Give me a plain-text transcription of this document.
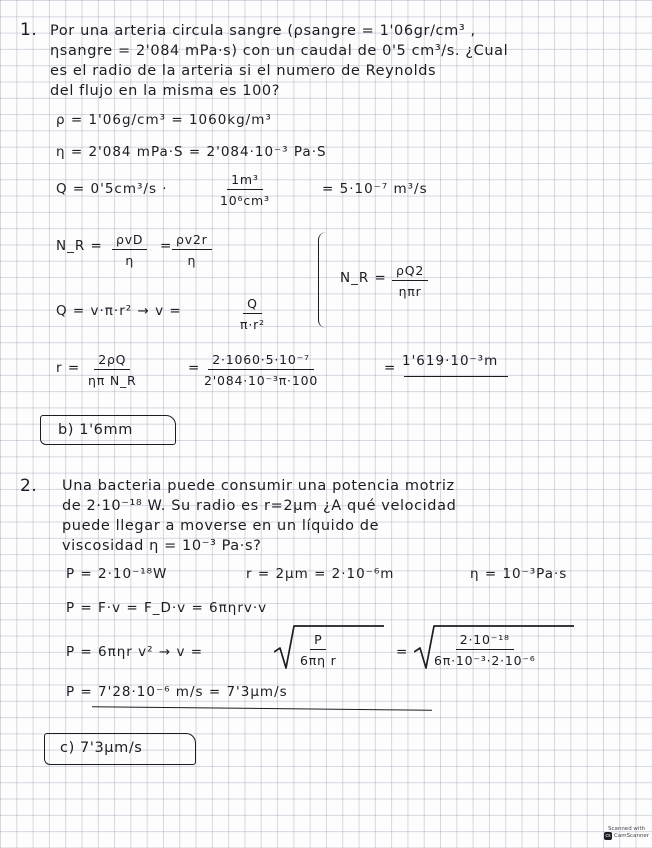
1. Por una arteria circula sangre (ρsangre = 1'06gr/cm³ ,
ηsangre = 2'084 mPa·s) con un caudal de 0'5 cm³/s. ¿Cual
es el radio de la arteria si el numero de Reynolds
del flujo en la misma es 100?
ρ = 1'06g/cm³ = 1060kg/m³
η = 2'084 mPa·S = 2'084·10⁻³ Pa·S
Q = 0'5cm³/s ·	$\frac{\text{1m³}}{\text{10⁶cm³}}$	= 5·10⁻⁷ m³/s
N_R =	ρvD
η
= $\frac{\rho v2r}{\eta}$
Q = v·π·r² → v =	$\frac{Q}{\text{π·r²}}$
N_R = ρQ2
ηπr
$r = \frac{2\rho Q}{\text{ηπ N\_R}}$	= $\frac{\text{2·1060·5·10⁻⁷}}{\text{2'084·10⁻³π·100}}$	= 1'619·10⁻³m
b) 1'6mm
2. Una bacteria puede consumir una potencia motriz
de 2·10⁻¹⁸ W. Su radio es r=2μm ¿A qué velocidad
puede llegar a moverse en un líquido de
viscosidad η = 10⁻³ Pa·s?
P = 2·10⁻¹⁸W	r = 2μm = 2·10⁻⁶m	η = 10⁻³Pa·s
P = F·v = F_D·v = 6πηrv·v
P = 6πηr v² → v =	$\frac{P}{\text{6πη r}}$	= $\frac{\text{2·10⁻¹⁸}}{\text{6π·10⁻³·2·10⁻⁶}}$
P = 7'28·10⁻⁶ m/s = 7'3μm/s
c) 7'3μm/s
Scanned with
cs CamScanner
